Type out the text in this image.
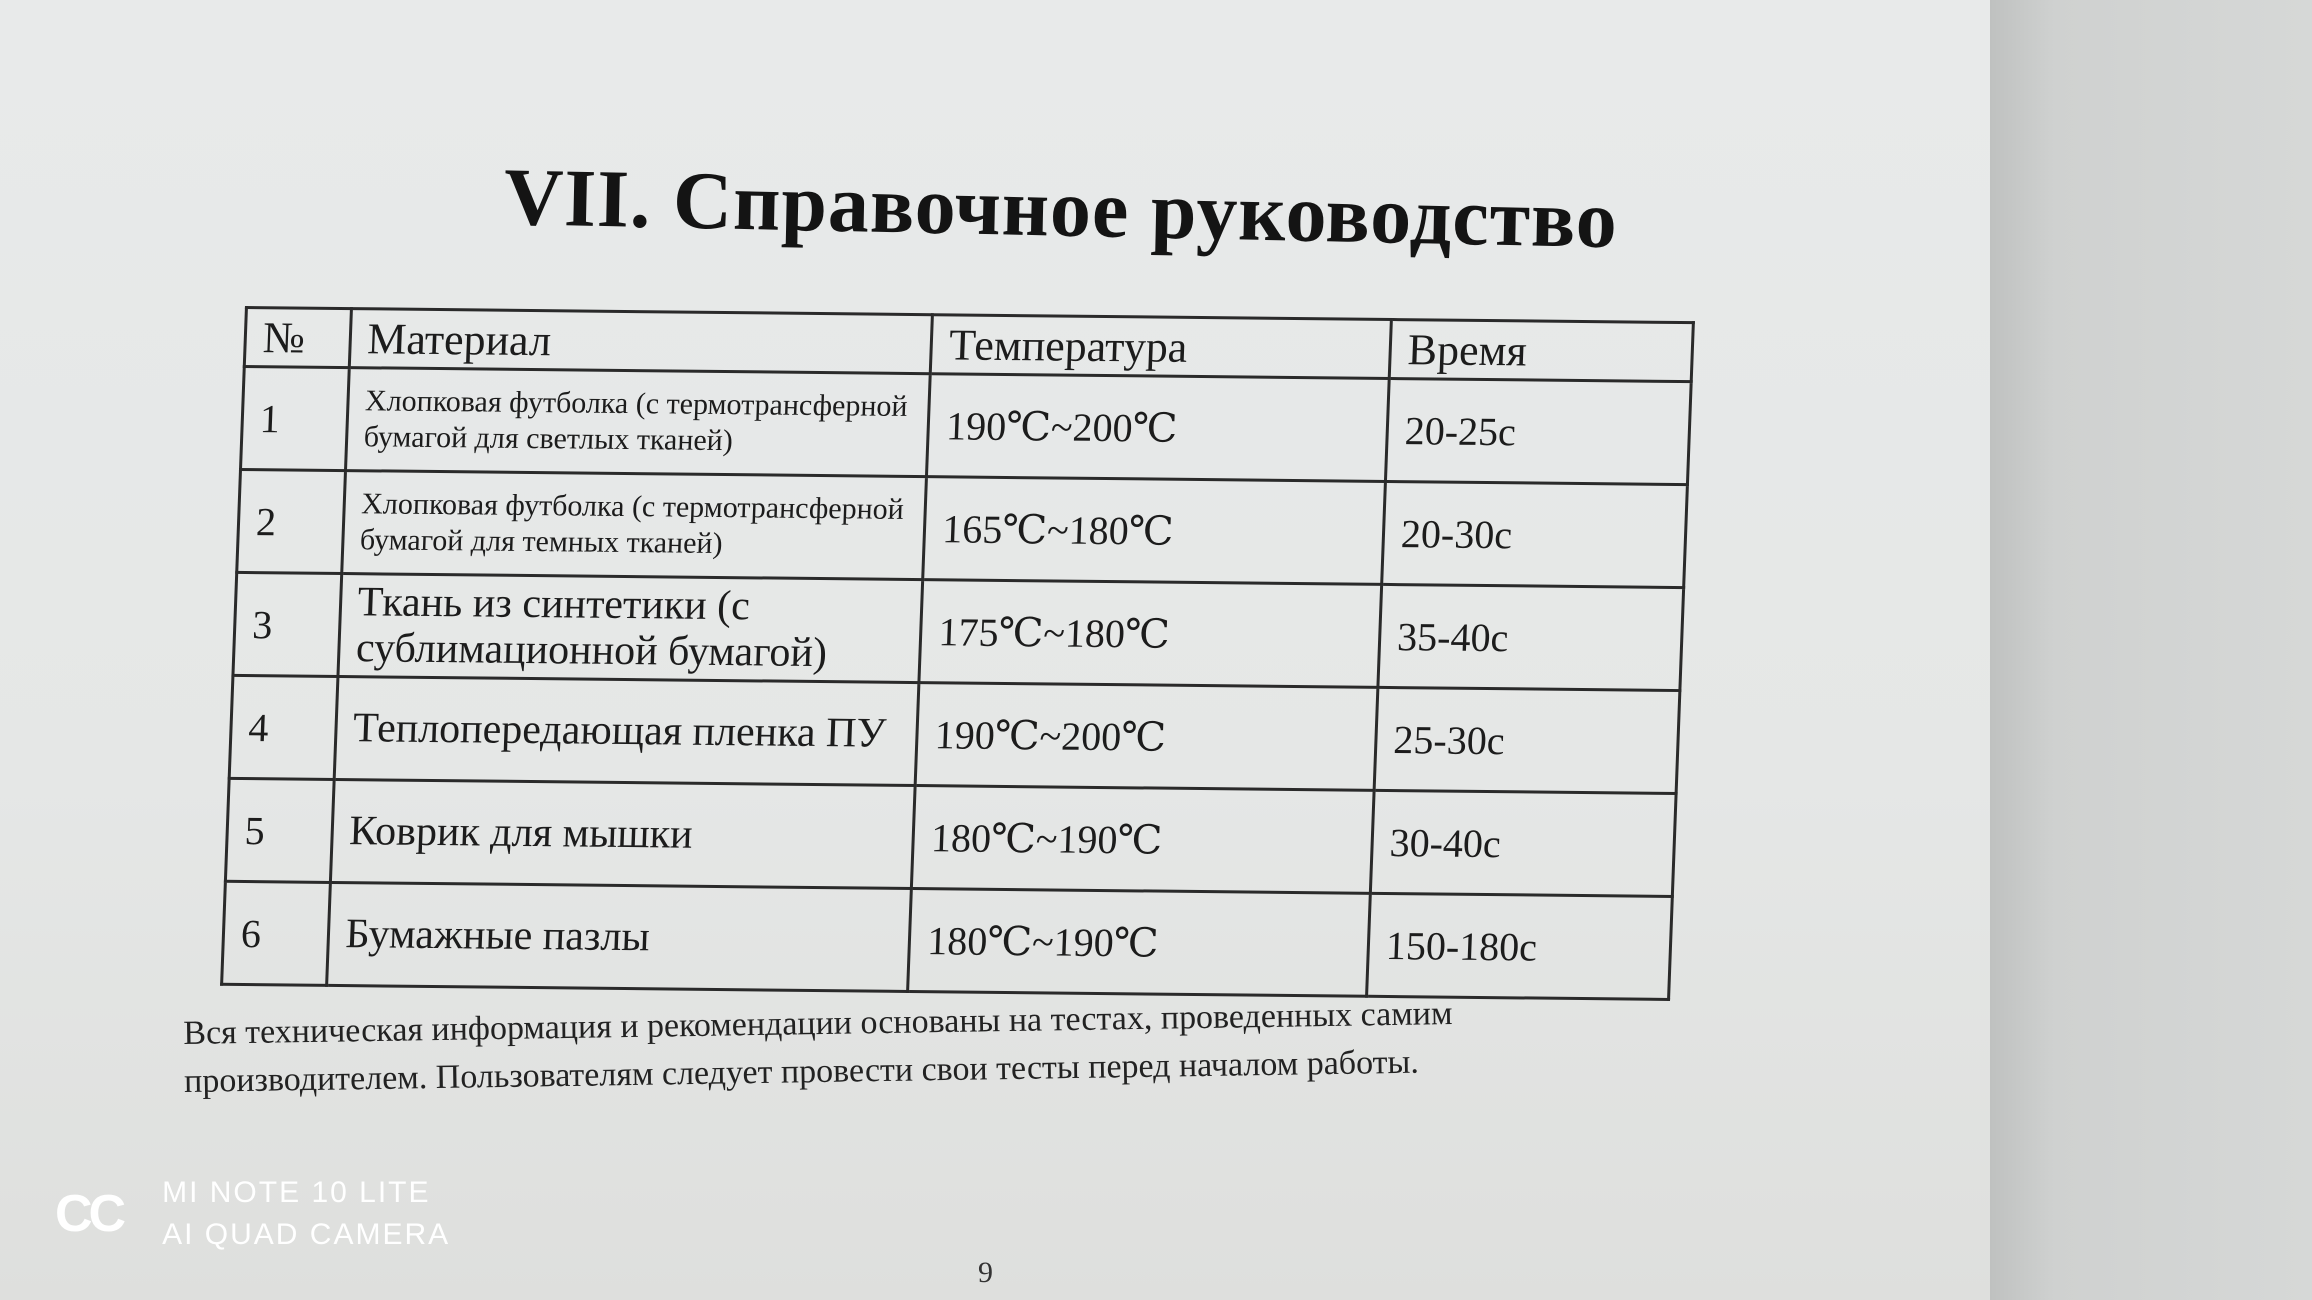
VII. Справочное руководство
№	Материал	Температура	Время
1	Хлопковая футболка (с термотрансферной бумагой для светлых тканей)	190℃~200℃	20-25с
2	Хлопковая футболка (с термотрансферной бумагой для темных тканей)	165℃~180℃	20-30с
3	Ткань из синтетики (с сублимационной бумагой)	175℃~180℃	35-40с
4	Теплопередающая пленка ПУ	190℃~200℃	25-30с
5	Коврик для мышки	180℃~190℃	30-40с
6	Бумажные пазлы	180℃~190℃	150-180с
Вся техническая информация и рекомендации основаны на тестах, проведенных самим производителем. Пользователям следует провести свои тесты перед началом работы.
9
CC MI NOTE 10 LITE
AI QUAD CAMERA
